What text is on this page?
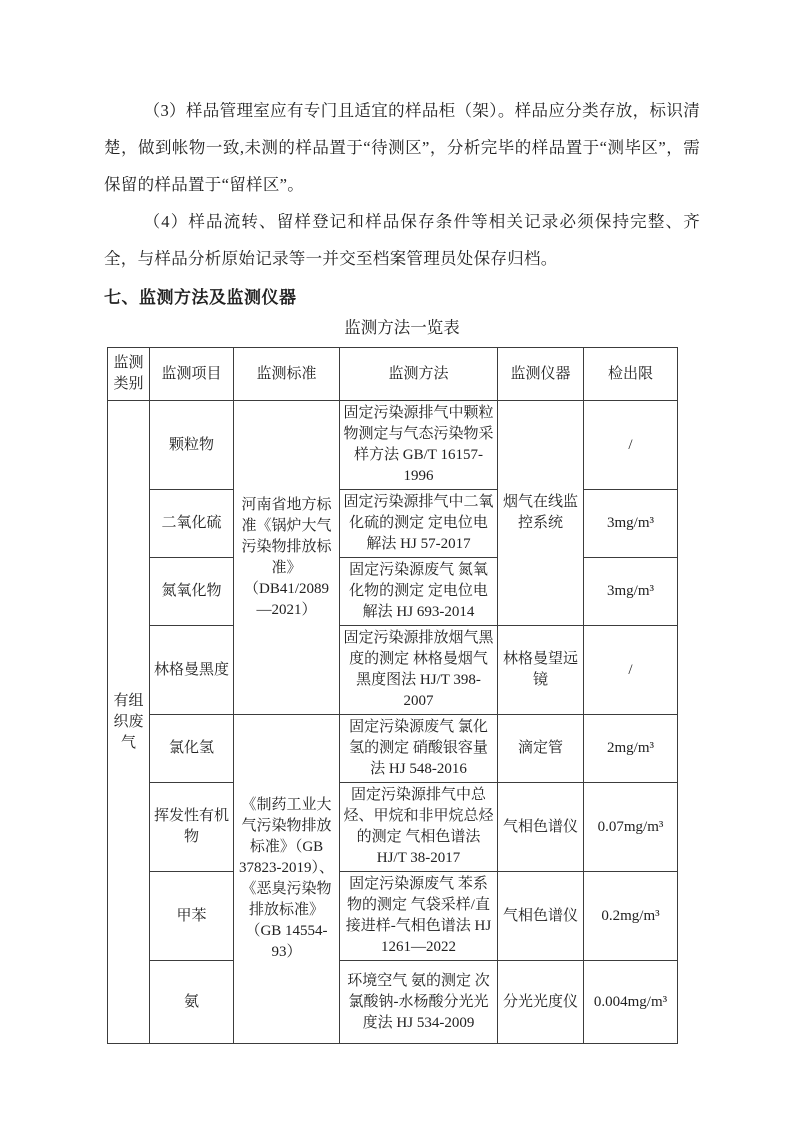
（3）样品管理室应有专门且适宜的样品柜（架）。样品应分类存放，标识清楚，做到帐物一致,未测的样品置于“待测区”，分析完毕的样品置于“测毕区”，需保留的样品置于“留样区”。

（4）样品流转、留样登记和样品保存条件等相关记录必须保持完整、齐全，与样品分析原始记录等一并交至档案管理员处保存归档。

七、监测方法及监测仪器
监测方法一览表
监测类别	监测项目	监测标准	监测方法	监测仪器	检出限
有组织废气	颗粒物	河南省地方标准《锅炉大气污染物排放标准》（DB41/2089—2021）	固定污染源排气中颗粒物测定与气态污染物采样方法 GB/T 16157-1996	烟气在线监控系统	/
	二氧化硫		固定污染源排气中二氧化硫的测定 定电位电解法 HJ 57-2017		3mg/m³
	氮氧化物		固定污染源废气 氮氧化物的测定 定电位电解法 HJ 693-2014		3mg/m³
	林格曼黑度		固定污染源排放烟气黑度的测定 林格曼烟气黑度图法 HJ/T 398-2007	林格曼望远镜	/
	氯化氢	《制药工业大气污染物排放标准》（GB 37823-2019）、《恶臭污染物排放标准》（GB 14554-93）	固定污染源废气 氯化氢的测定 硝酸银容量法 HJ 548-2016	滴定管	2mg/m³
	挥发性有机物		固定污染源排气中总烃、甲烷和非甲烷总烃的测定 气相色谱法 HJ/T 38-2017	气相色谱仪	0.07mg/m³
	甲苯		固定污染源废气 苯系物的测定 气袋采样/直接进样-气相色谱法 HJ 1261—2022	气相色谱仪	0.2mg/m³
	氨		环境空气 氨的测定 次氯酸钠-水杨酸分光光度法 HJ 534-2009	分光光度仪	0.004mg/m³
